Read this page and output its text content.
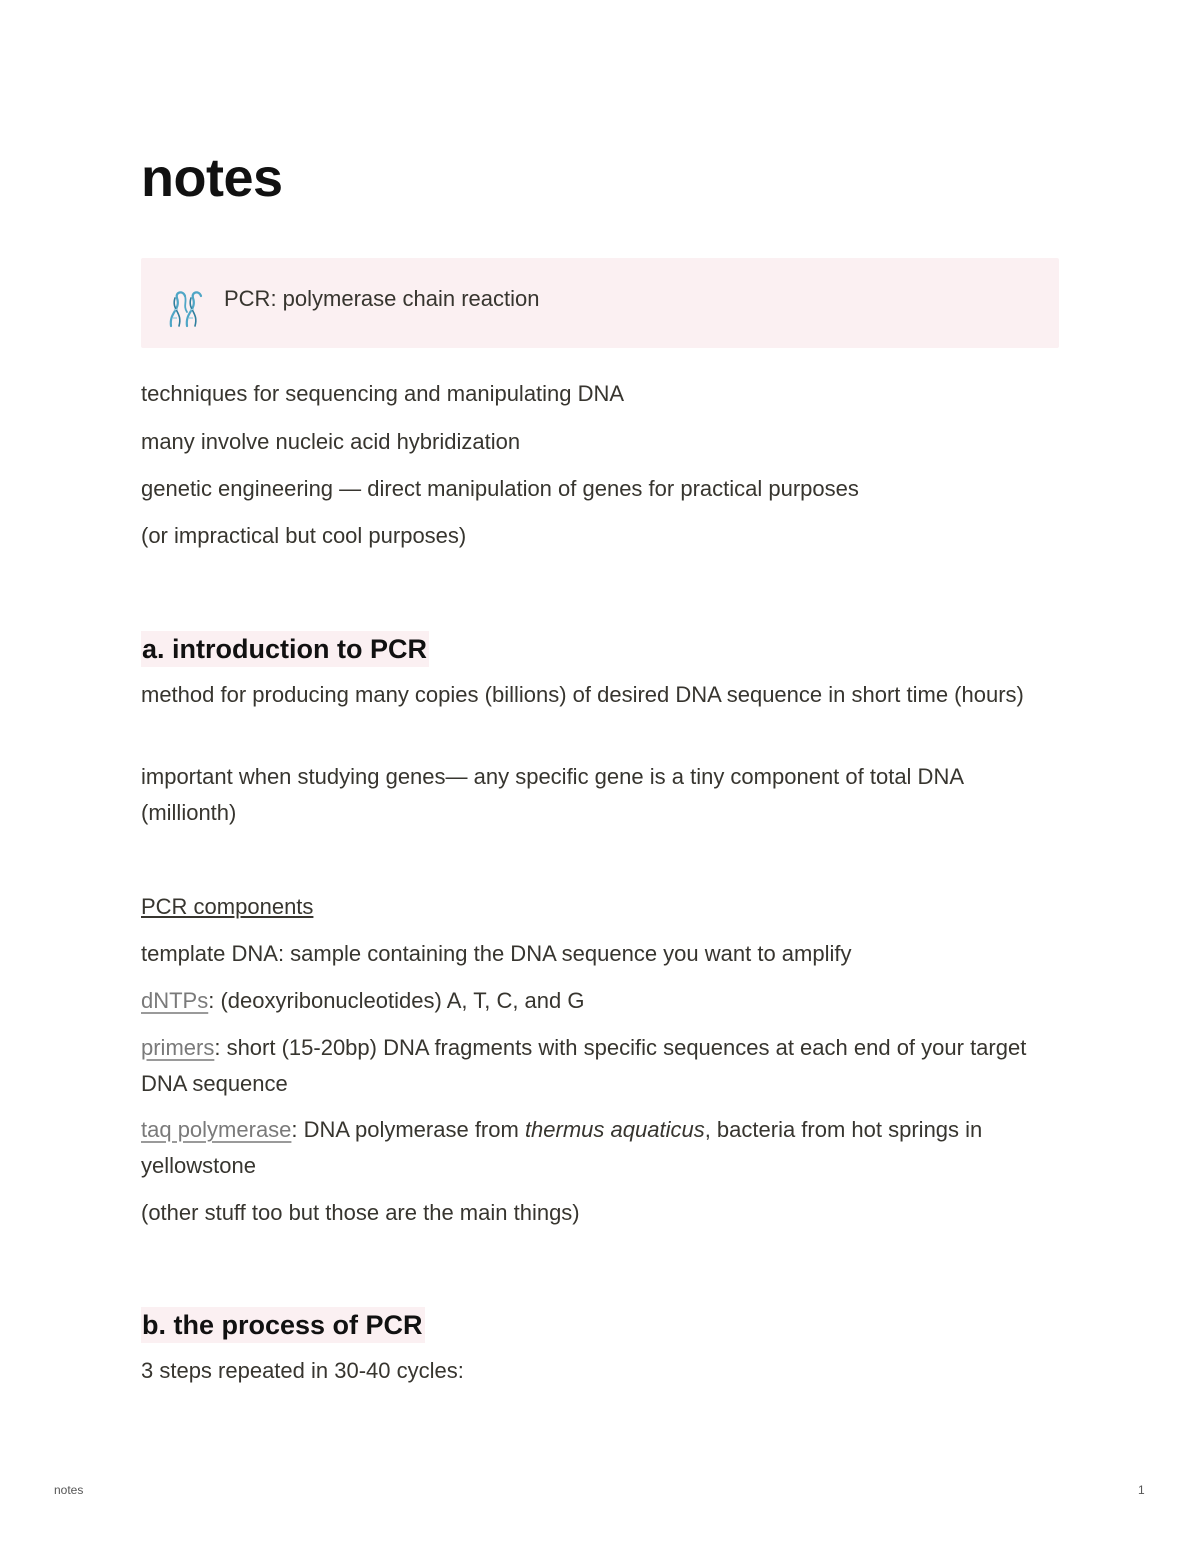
notes
PCR: polymerase chain reaction

techniques for sequencing and manipulating DNA

many involve nucleic acid hybridization

genetic engineering — direct manipulation of genes for practical purposes

(or impractical but cool purposes)

a. introduction to PCR

method for producing many copies (billions) of desired DNA sequence in short time (hours)

important when studying genes— any specific gene is a tiny component of total DNA (millionth)

PCR components

template DNA: sample containing the DNA sequence you want to amplify

dNTPs: (deoxyribonucleotides) A, T, C, and G

primers: short (15-20bp) DNA fragments with specific sequences at each end of your target DNA sequence

taq polymerase: DNA polymerase from thermus aquaticus, bacteria from hot springs in yellowstone

(other stuff too but those are the main things)

b. the process of PCR

3 steps repeated in 30-40 cycles:

notes	1
